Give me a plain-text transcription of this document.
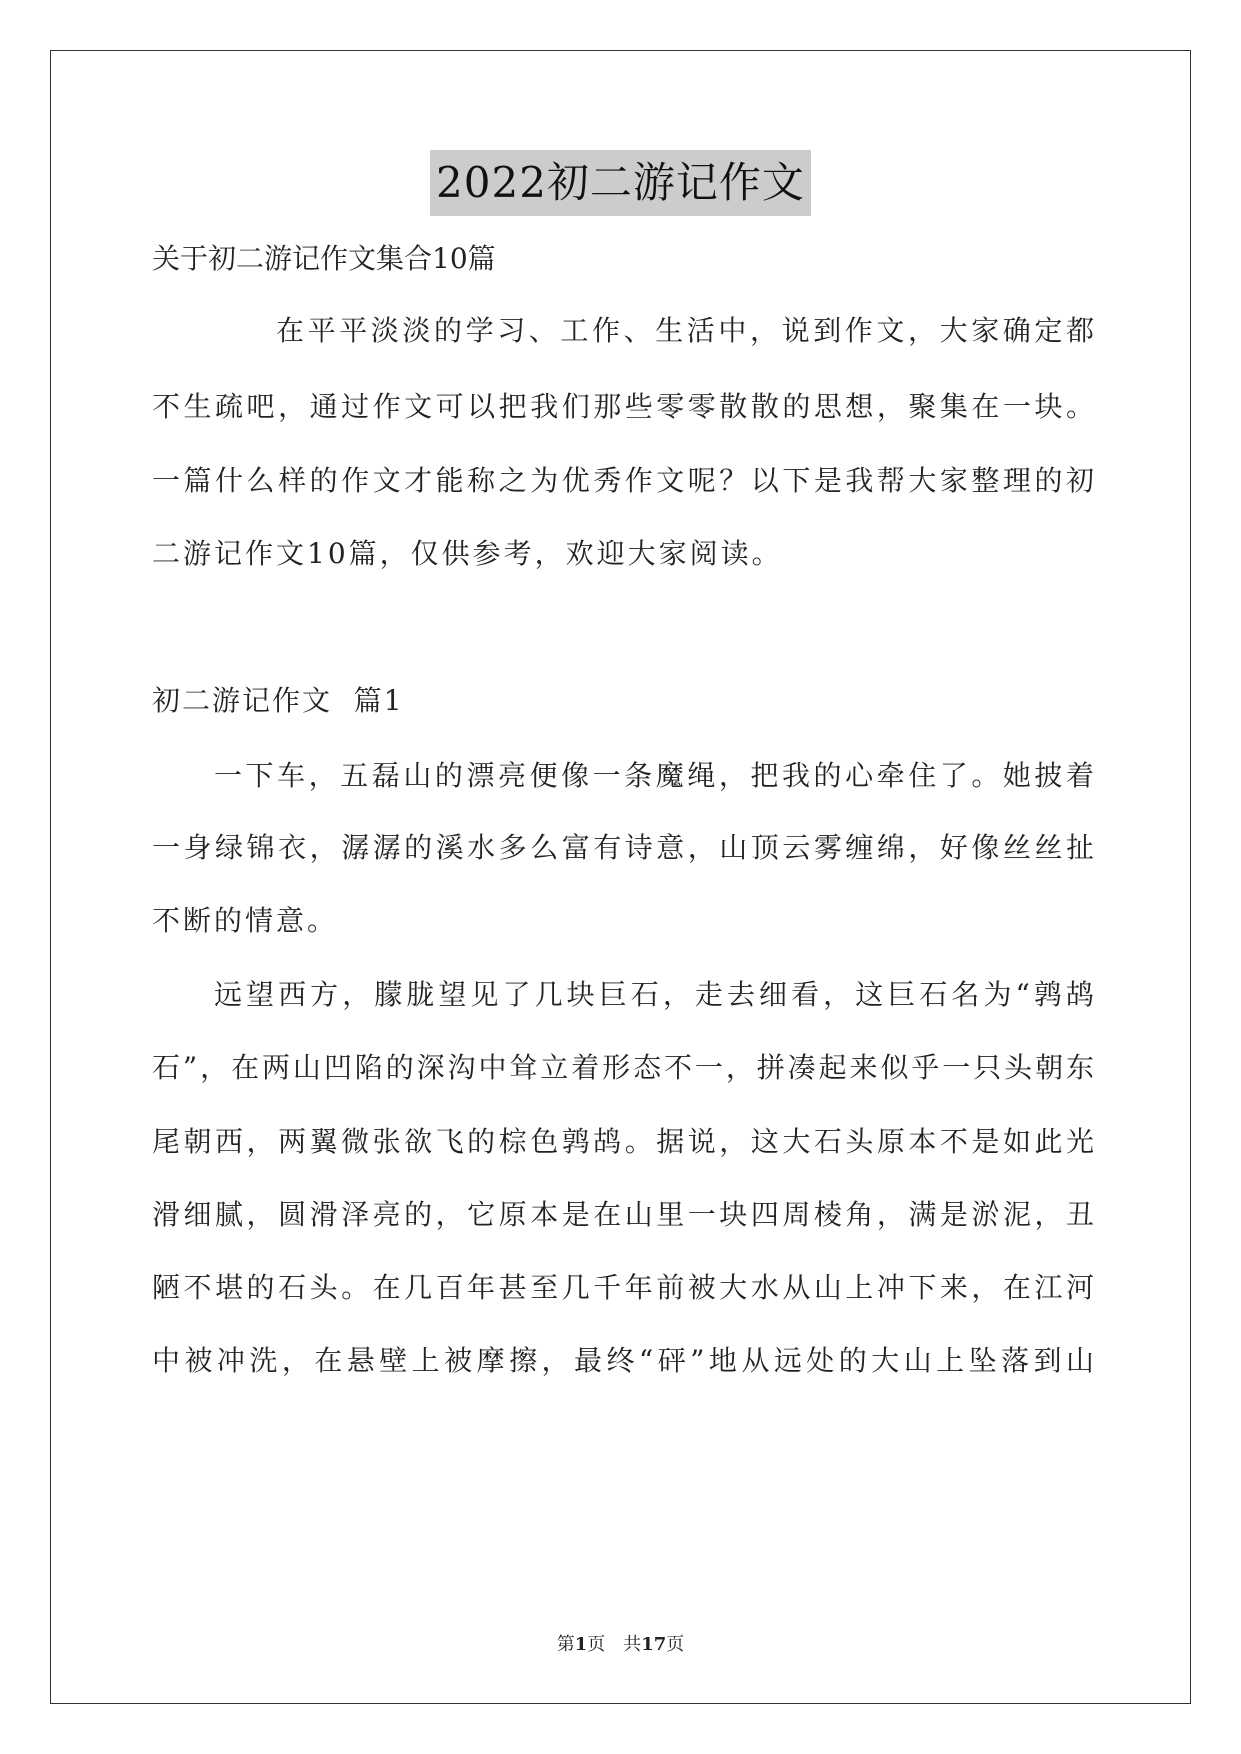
2022初二游记作文
关于初二游记作文集合10篇
在平平淡淡的学习、工作、生活中，说到作文，大家确定都
不生疏吧，通过作文可以把我们那些零零散散的思想，聚集在一块。
一篇什么样的作文才能称之为优秀作文呢？以下是我帮大家整理的初
二游记作文10篇，仅供参考，欢迎大家阅读。
初二游记作文  篇1
一下车，五磊山的漂亮便像一条魔绳，把我的心牵住了。她披着
一身绿锦衣，潺潺的溪水多么富有诗意，山顶云雾缠绵，好像丝丝扯
不断的情意。
远望西方，朦胧望见了几块巨石，走去细看，这巨石名为“鹑鸪
石”，在两山凹陷的深沟中耸立着形态不一，拼凑起来似乎一只头朝东
尾朝西，两翼微张欲飞的棕色鹑鸪。据说，这大石头原本不是如此光
滑细腻，圆滑泽亮的，它原本是在山里一块四周棱角，满是淤泥，丑
陋不堪的石头。在几百年甚至几千年前被大水从山上冲下来，在江河
中被冲洗，在悬壁上被摩擦，最终“砰”地从远处的大山上坠落到山
第1页　共17页
